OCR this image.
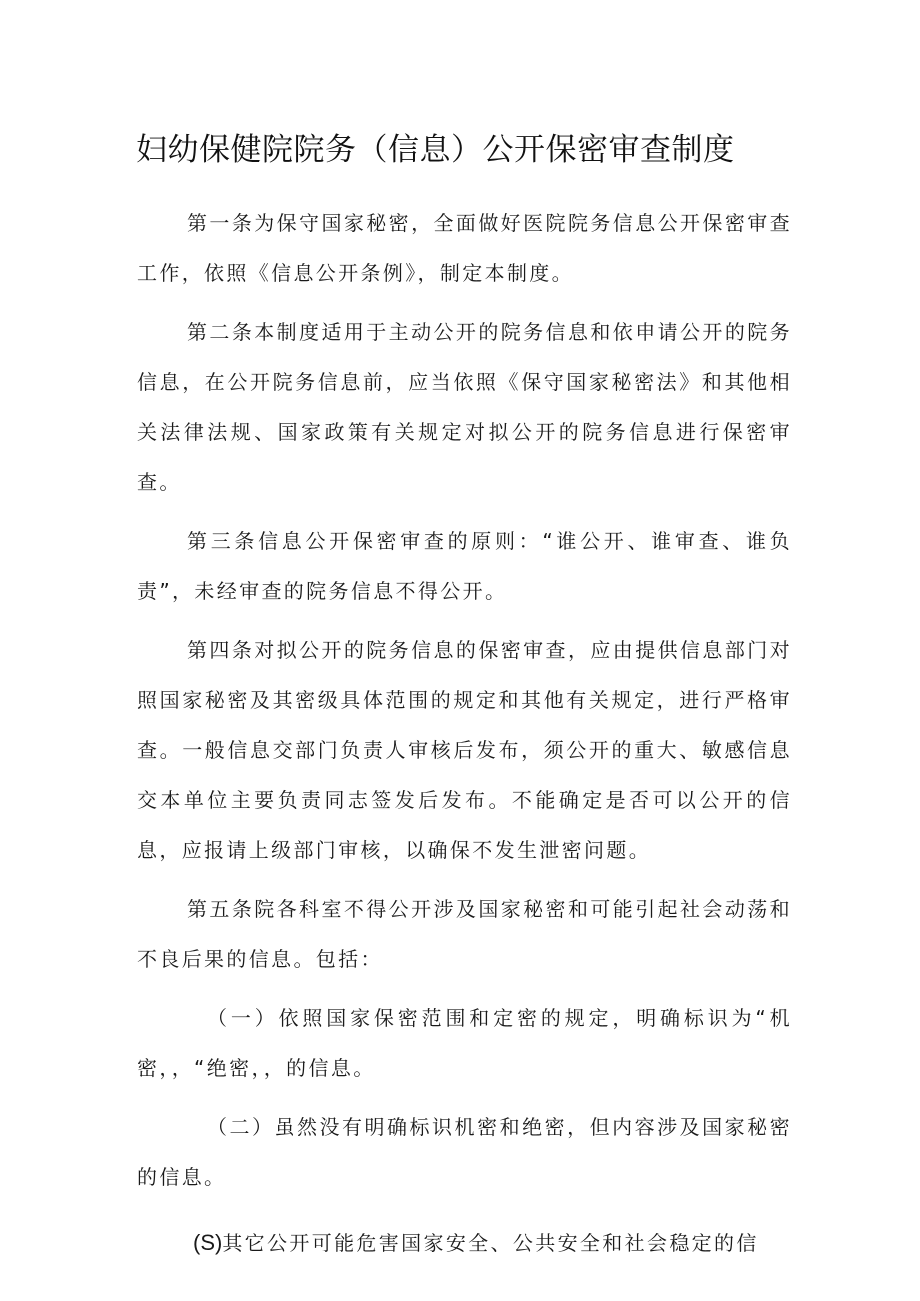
妇幼保健院院务（信息）公开保密审查制度

第一条为保守国家秘密，全面做好医院院务信息公开保密审查工作，依照《信息公开条例》，制定本制度。

第二条本制度适用于主动公开的院务信息和依申请公开的院务信息，在公开院务信息前，应当依照《保守国家秘密法》和其他相关法律法规、国家政策有关规定对拟公开的院务信息进行保密审查。

第三条信息公开保密审查的原则：“谁公开、谁审查、谁负责”，未经审查的院务信息不得公开。

第四条对拟公开的院务信息的保密审查，应由提供信息部门对照国家秘密及其密级具体范围的规定和其他有关规定，进行严格审查。一般信息交部门负责人审核后发布，须公开的重大、敏感信息交本单位主要负责同志签发后发布。不能确定是否可以公开的信息，应报请上级部门审核，以确保不发生泄密问题。

第五条院各科室不得公开涉及国家秘密和可能引起社会动荡和不良后果的信息。包括：

（一）依照国家保密范围和定密的规定，明确标识为“机密，，“绝密，，的信息。

（二）虽然没有明确标识机密和绝密，但内容涉及国家秘密的信息。

(S)其它公开可能危害国家安全、公共安全和社会稳定的信
